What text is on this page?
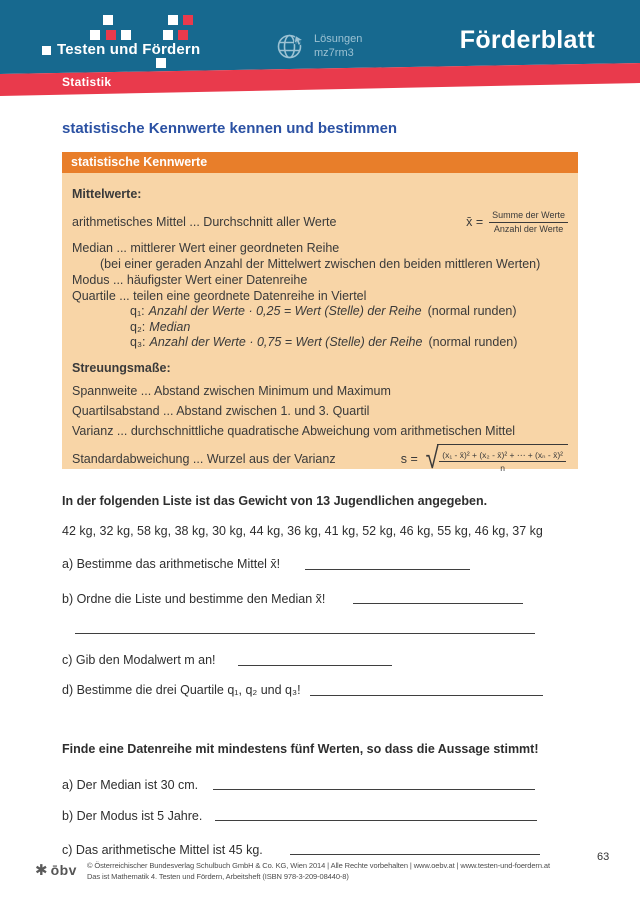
Testen und Fördern
Lösungen
mz7rm3	Förderblatt
Statistik
statistische Kennwerte kennen und bestimmen
statistische Kennwerte
Mittelwerte:
arithmetisches Mittel ... Durchschnitt aller Werte	x̄ = $\frac{\text{Summe der Werte}}{\text{Anzahl der Werte}}$
Median ... mittlerer Wert einer geordneten Reihe
(bei einer geraden Anzahl der Mittelwert zwischen den beiden mittleren Werten)
Modus ... häufigster Wert einer Datenreihe
Quartile ... teilen eine geordnete Datenreihe in Viertel
q₁: Anzahl der Werte · 0,25 = Wert (Stelle) der Reihe (normal runden)
q₂: Median
q₃: Anzahl der Werte · 0,75 = Wert (Stelle) der Reihe (normal runden)
Streuungsmaße:
Spannweite ... Abstand zwischen Minimum und Maximum
Quartilsabstand ... Abstand zwischen 1. und 3. Quartil
Varianz ... durchschnittliche quadratische Abweichung vom arithmetischen Mittel
Standardabweichung ... Wurzel aus der Varianz	s = √ $\frac{\text{(x₁ - x̄)² + (x₂ - x̄)² + ⋯ + (xₙ - x̄)²}}{n}$
In der folgenden Liste ist das Gewicht von 13 Jugendlichen angegeben.
42 kg, 32 kg, 58 kg, 38 kg, 30 kg, 44 kg, 36 kg, 41 kg, 52 kg, 46 kg, 55 kg, 46 kg, 37 kg
a) Bestimme das arithmetische Mittel x̄!
b) Ordne die Liste und bestimme den Median x̃!
c) Gib den Modalwert m an!
d) Bestimme die drei Quartile q₁, q₂ und q₃!
Finde eine Datenreihe mit mindestens fünf Werten, so dass die Aussage stimmt!
a) Der Median ist 30 cm.
b) Der Modus ist 5 Jahre.
c) Das arithmetische Mittel ist 45 kg.
✱ ōbv © Österreichischer Bundesverlag Schulbuch GmbH & Co. KG, Wien 2014 | Alle Rechte vorbehalten | www.oebv.at | www.testen-und-foerdern.at
Das ist Mathematik 4. Testen und Fördern, Arbeitsheft (ISBN 978-3-209-08440-8)
63
